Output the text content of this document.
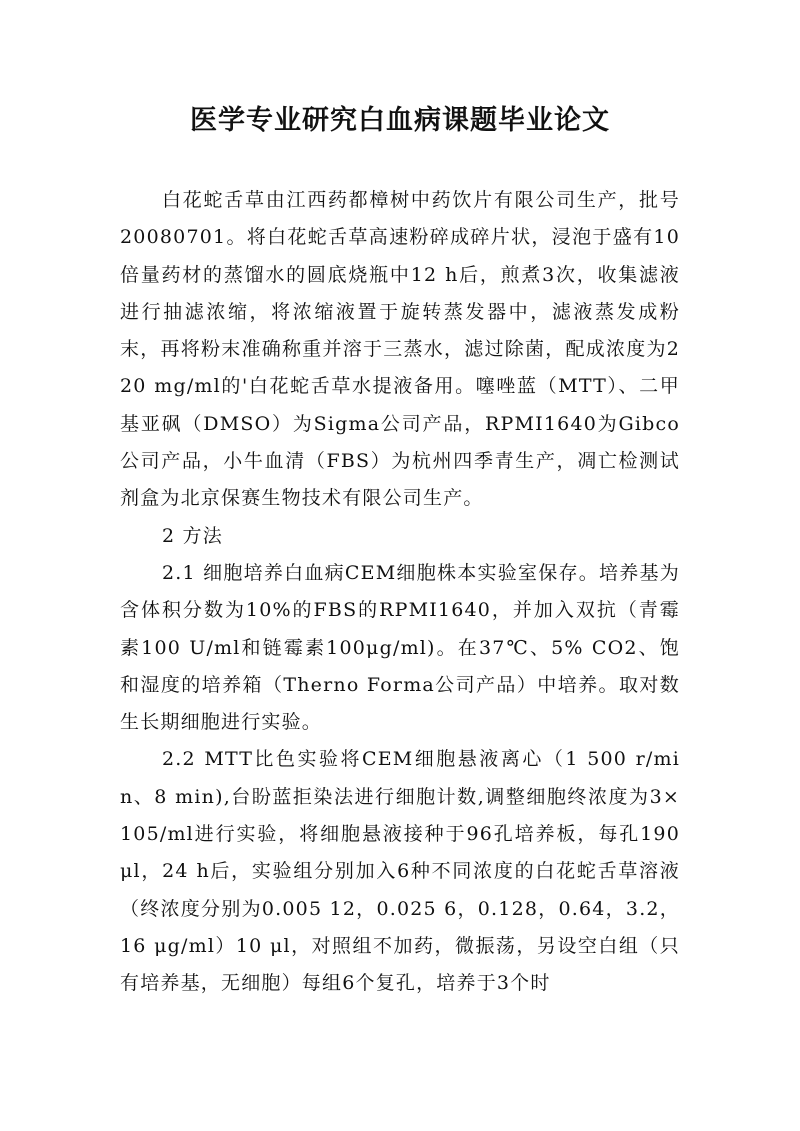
医学专业研究白血病课题毕业论文

白花蛇舌草由江西药都樟树中药饮片有限公司生产，批号20080701。将白花蛇舌草高速粉碎成碎片状，浸泡于盛有10倍量药材的蒸馏水的圆底烧瓶中12 h后，煎煮3次，收集滤液进行抽滤浓缩，将浓缩液置于旋转蒸发器中，滤液蒸发成粉末，再将粉末准确称重并溶于三蒸水，滤过除菌，配成浓度为220 mg/ml的'白花蛇舌草水提液备用。噻唑蓝（MTT）、二甲基亚砜（DMSO）为Sigma公司产品，RPMI1640为Gibco公司产品，小牛血清（FBS）为杭州四季青生产，凋亡检测试剂盒为北京保赛生物技术有限公司生产。

2 方法

2.1 细胞培养白血病CEM细胞株本实验室保存。培养基为含体积分数为10%的FBS的RPMI1640，并加入双抗（青霉素100 U/ml和链霉素100μg/ml)。在37℃、5% CO2、饱和湿度的培养箱（Therno Forma公司产品）中培养。取对数生长期细胞进行实验。

2.2 MTT比色实验将CEM细胞悬液离心（1 500 r/min、8 min),台盼蓝拒染法进行细胞计数,调整细胞终浓度为3×105/ml进行实验，将细胞悬液接种于96孔培养板，每孔190 μl，24 h后，实验组分别加入6种不同浓度的白花蛇舌草溶液（终浓度分别为0.005 12，0.025 6，0.128，0.64，3.2，16 μg/ml）10 μl，对照组不加药，微振荡，另设空白组（只有培养基，无细胞）每组6个复孔，培养于3个时
